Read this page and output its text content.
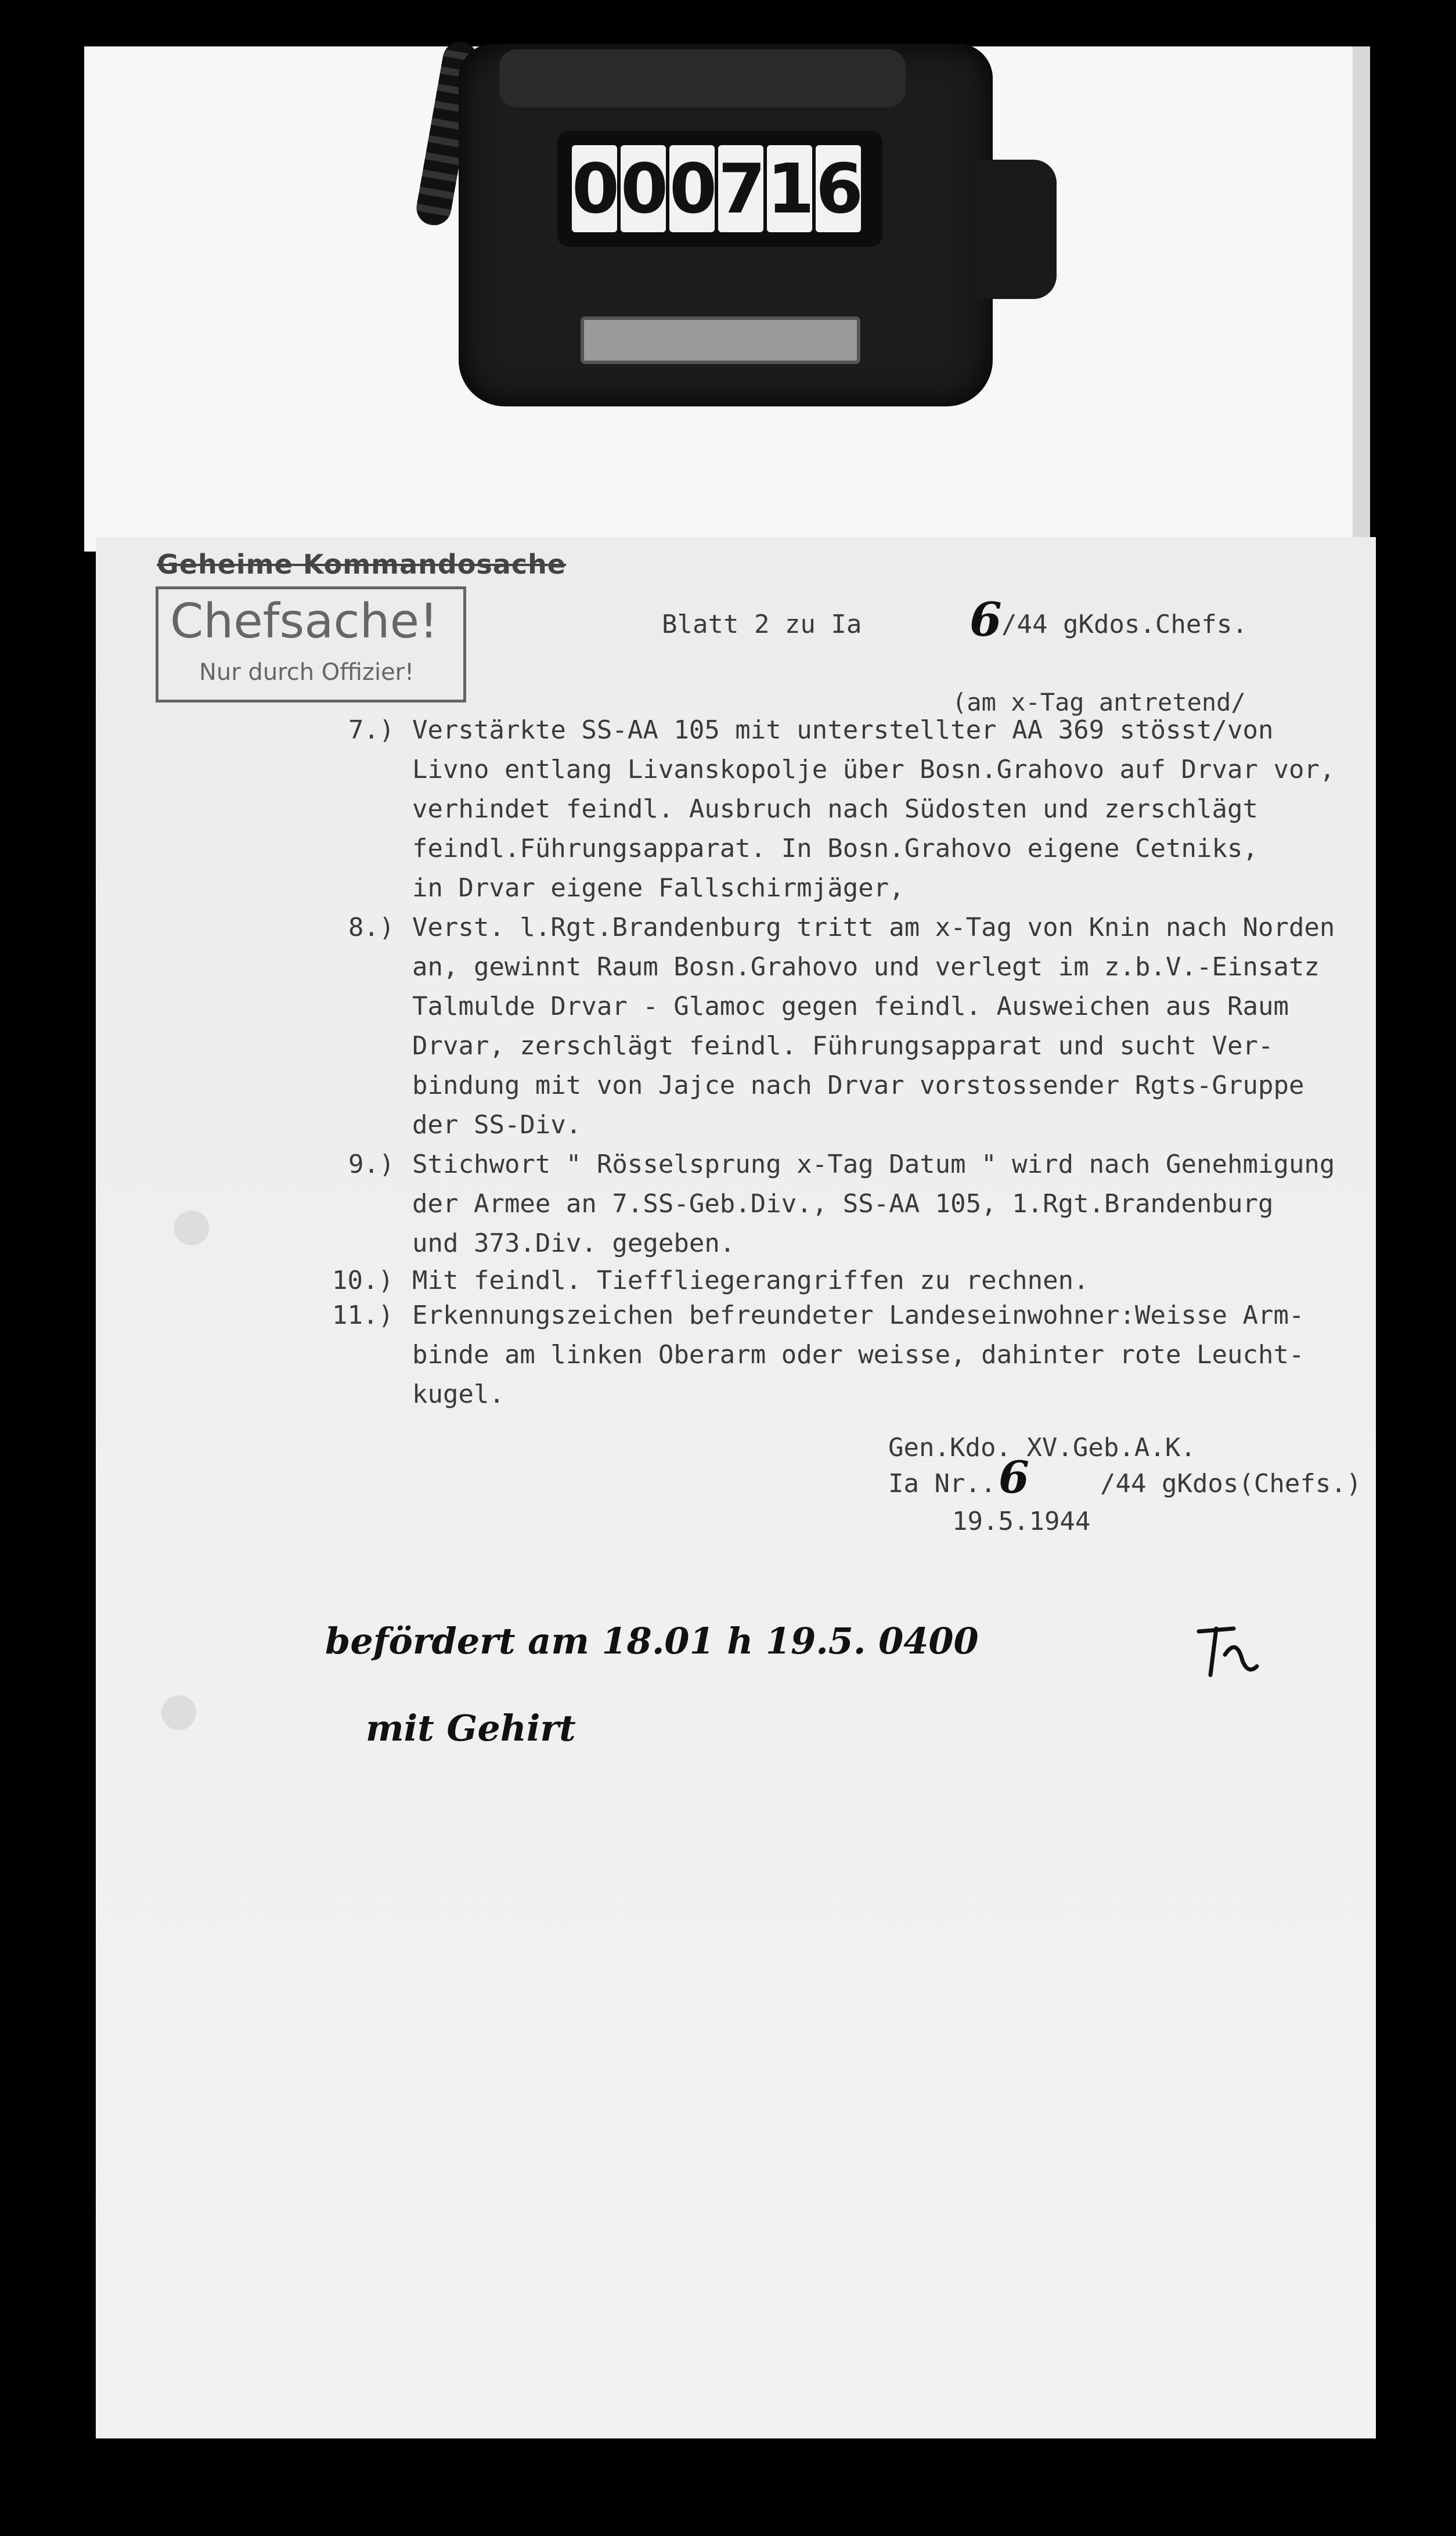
0 0 0 7 1 6
Geheime Kommandosache
Chefsache!
Nur durch Offizier!
Blatt 2 zu Ia 6 /44 gKdos.Chefs.
(am x-Tag antretend/
7.) Verstärkte SS-AA 105 mit unterstellter AA 369 stösst/von
Livno entlang Livanskopolje über Bosn.Grahovo auf Drvar vor,
verhindet feindl. Ausbruch nach Südosten und zerschlägt
feindl.Führungsapparat. In Bosn.Grahovo eigene Cetniks,
in Drvar eigene Fallschirmjäger,
8.) Verst. l.Rgt.Brandenburg tritt am x-Tag von Knin nach Norden
an, gewinnt Raum Bosn.Grahovo und verlegt im z.b.V.-Einsatz
Talmulde Drvar - Glamoc gegen feindl. Ausweichen aus Raum
Drvar, zerschlägt feindl. Führungsapparat und sucht Ver-
bindung mit von Jajce nach Drvar vorstossender Rgts-Gruppe
der SS-Div.
9.) Stichwort " Rösselsprung x-Tag Datum " wird nach Genehmigung
der Armee an 7.SS-Geb.Div., SS-AA 105, 1.Rgt.Brandenburg
und 373.Div. gegeben.
10.) Mit feindl. Tieffliegerangriffen zu rechnen.
11.) Erkennungszeichen befreundeter Landeseinwohner:Weisse Arm-
binde am linken Oberarm oder weisse, dahinter rote Leucht-
kugel.
Gen.Kdo. XV.Geb.A.K.
Ia Nr.. 6	/44 gKdos(Chefs.)
19.5.1944
befördert am 18.01 h 19.5. 0400
mit Gehirt
